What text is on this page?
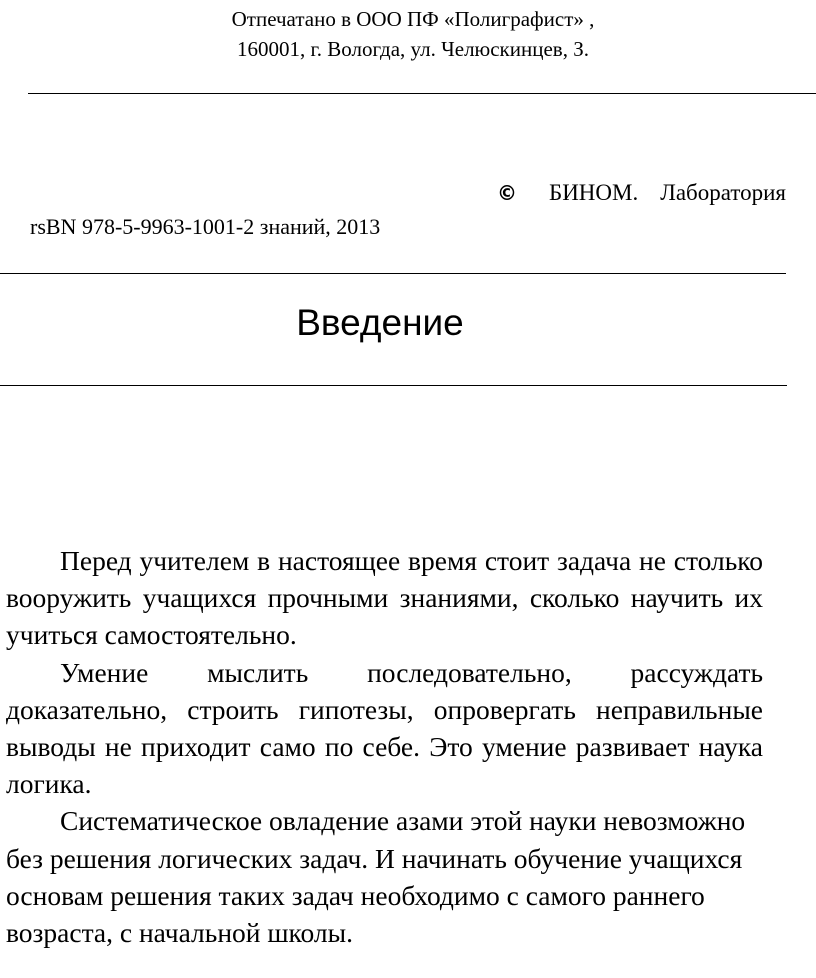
Отпечатано в ООО ПФ «Полиграфист» ,
160001, г. Вологда, ул. Челюскинцев, З.
© БИНОМ. Лаборатория
rsBN 978-5-9963-1001-2 знаний, 2013
Введение

Перед учителем в настоящее время стоит задача не столько вооружить учащихся прочными знаниями, сколько научить их учиться самостоятельно.

Умение мыслить последовательно, рассуждать доказательно, строить гипотезы, опровергать неправильные выводы не приходит само по себе. Это умение развивает наука логика.

Систематическое овладение азами этой науки невозможно без решения логических задач. И начинать обучение учащихся основам решения таких задач необходимо с самого раннего возраста, с начальной школы.
